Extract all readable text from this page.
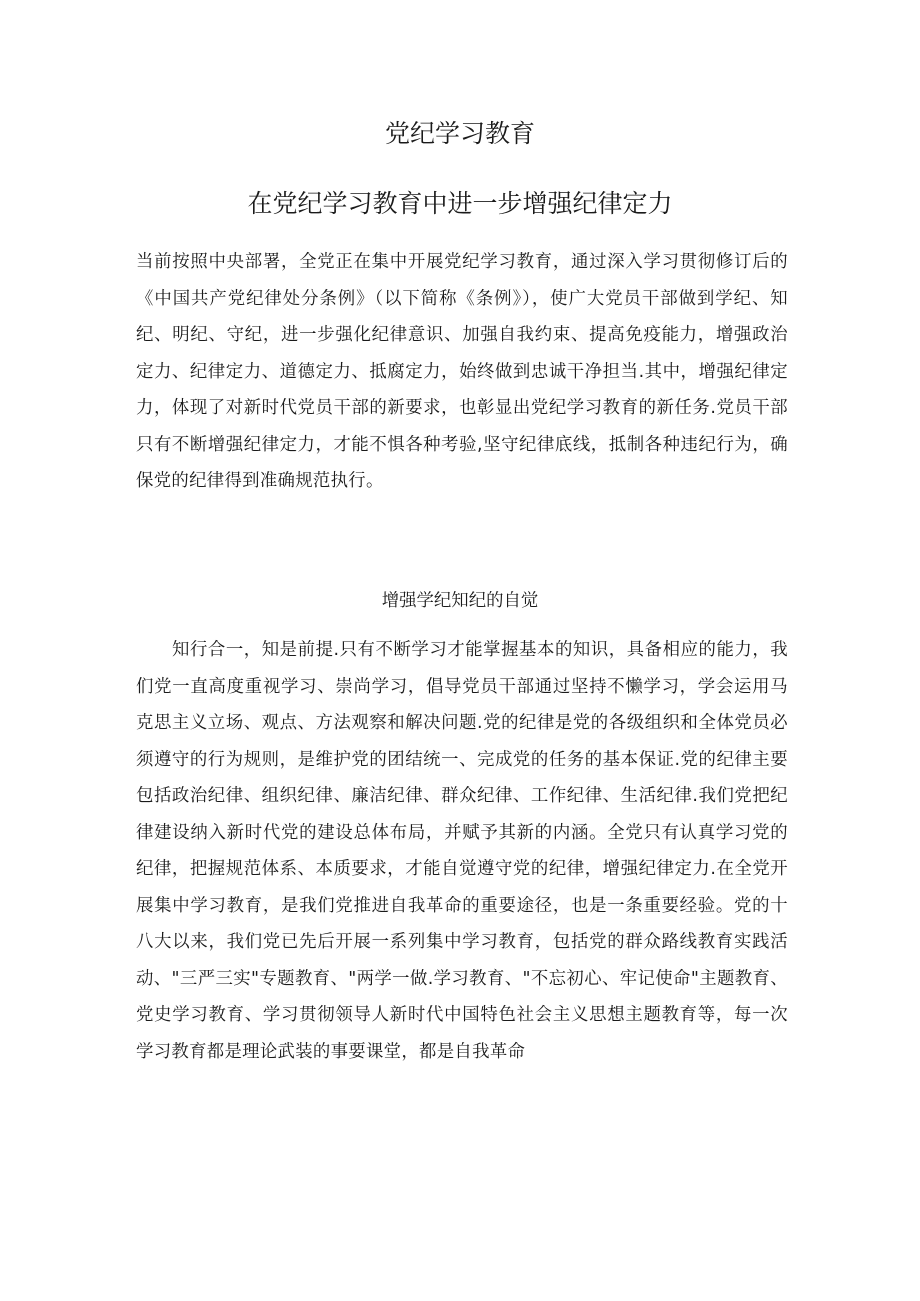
党纪学习教育
在党纪学习教育中进一步增强纪律定力

当前按照中央部署，全党正在集中开展党纪学习教育，通过深入学习贯彻修订后的《中国共产党纪律处分条例》（以下简称《条例》），使广大党员干部做到学纪、知纪、明纪、守纪，进一步强化纪律意识、加强自我约束、提高免疫能力，增强政治定力、纪律定力、道德定力、抵腐定力，始终做到忠诚干净担当.其中，增强纪律定力，体现了对新时代党员干部的新要求，也彰显出党纪学习教育的新任务.党员干部只有不断增强纪律定力，才能不惧各种考验,坚守纪律底线，抵制各种违纪行为，确保党的纪律得到准确规范执行。

增强学纪知纪的自觉

知行合一，知是前提.只有不断学习才能掌握基本的知识，具备相应的能力，我们党一直高度重视学习、崇尚学习，倡导党员干部通过坚持不懒学习，学会运用马克思主义立场、观点、方法观察和解决问题.党的纪律是党的各级组织和全体党员必须遵守的行为规则，是维护党的团结统一、完成党的任务的基本保证.党的纪律主要包括政治纪律、组织纪律、廉洁纪律、群众纪律、工作纪律、生活纪律.我们党把纪律建设纳入新时代党的建设总体布局，并赋予其新的内涵。全党只有认真学习党的纪律，把握规范体系、本质要求，才能自觉遵守党的纪律，增强纪律定力.在全党开展集中学习教育，是我们党推进自我革命的重要途径，也是一条重要经验。党的十八大以来，我们党已先后开展一系列集中学习教育，包括党的群众路线教育实践活动、"三严三实"专题教育、"两学一做.学习教育、"不忘初心、牢记使命"主题教育、党史学习教育、学习贯彻领导人新时代中国特色社会主义思想主题教育等，每一次学习教育都是理论武装的事要课堂，都是自我革命
